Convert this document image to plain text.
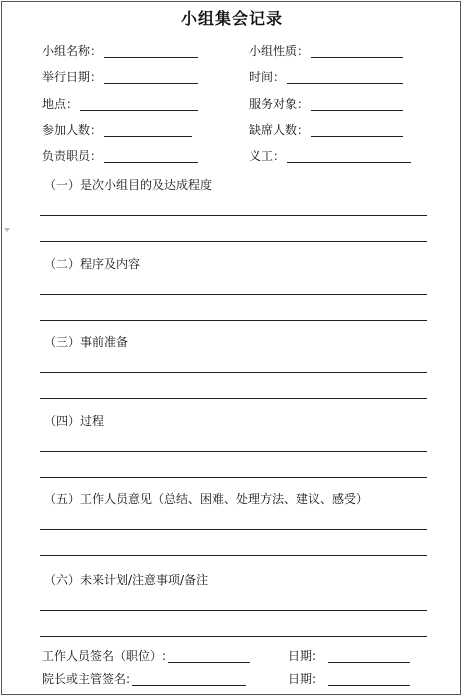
小组集会记录
小组名称：	小组性质：
举行日期：	时间：
地点：	服务对象：
参加人数：	缺席人数：
负责职员：	义工：
（一）是次小组目的及达成程度
（二）程序及内容
（三）事前准备
（四）过程
（五）工作人员意见（总结、困难、处理方法、建议、感受）
（六）未来计划/注意事项/备注
工作人员签名（职位）:	日期:
院长或主管签名:	日期:
